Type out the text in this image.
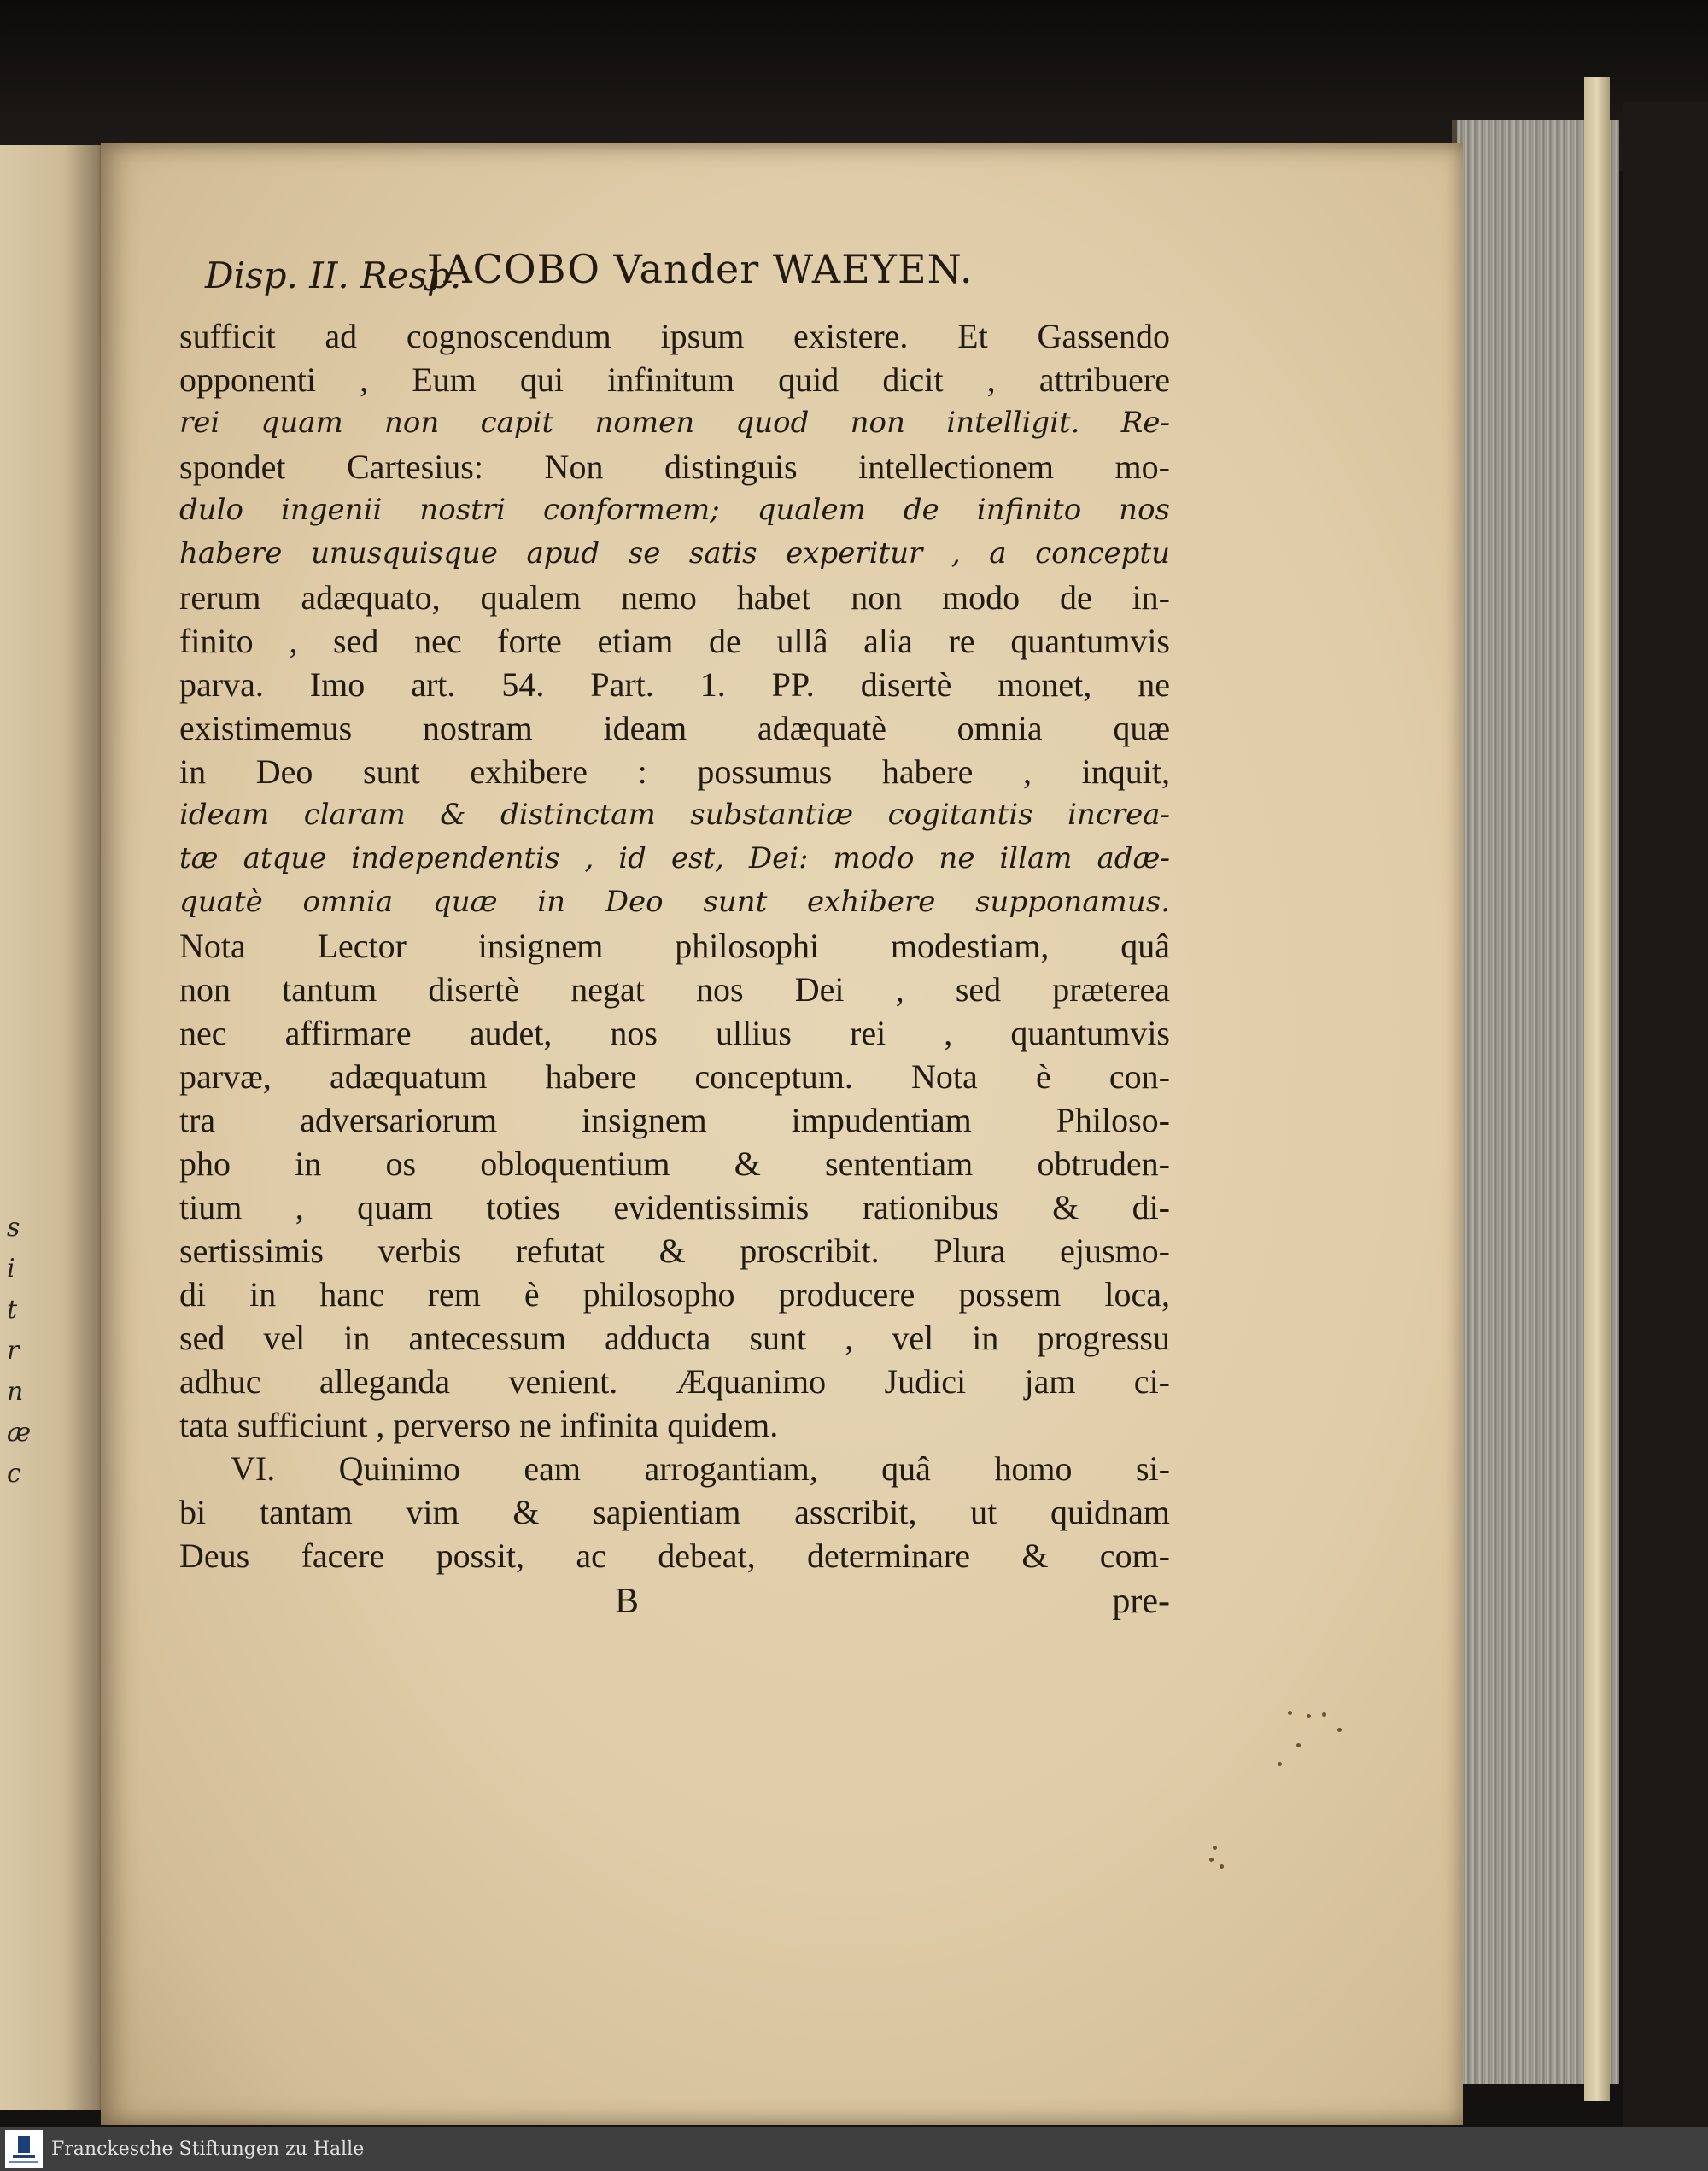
s
i
t
r
n
æ
c
Disp. II. Resp.
JACOBO Vander WAEYEN.
sufficit ad cognoscendum ipsum existere. Et Gassendo
opponenti , Eum qui infinitum quid dicit , attribuere
rei quam non capit nomen quod non intelligit. Re-
spondet Cartesius: Non distinguis intellectionem mo-
dulo ingenii nostri conformem; qualem de infinito nos
habere unusquisque apud se satis experitur , a conceptu
rerum adæquato, qualem nemo habet non modo de in-
finito , sed nec forte etiam de ullâ alia re quantumvis
parva. Imo art. 54. Part. 1. PP. disertè monet, ne
existimemus nostram ideam adæquatè omnia quæ
in Deo sunt exhibere : possumus habere , inquit,
ideam claram & distinctam substantiæ cogitantis increa-
tæ atque independentis , id est, Dei: modo ne illam adæ-
quatè omnia quæ in Deo sunt exhibere supponamus.
Nota Lector insignem philosophi modestiam, quâ
non tantum disertè negat nos Dei , sed præterea
nec affirmare audet, nos ullius rei , quantumvis
parvæ, adæquatum habere conceptum. Nota è con-
tra adversariorum insignem impudentiam Philoso-
pho in os obloquentium & sententiam obtruden-
tium , quam toties evidentissimis rationibus & di-
sertissimis verbis refutat & proscribit. Plura ejusmo-
di in hanc rem è philosopho producere possem loca,
sed vel in antecessum adducta sunt , vel in progressu
adhuc alleganda venient. Æquanimo Judici jam ci-
tata sufficiunt , perverso ne infinita quidem.
VI. Quinimo eam arrogantiam, quâ homo si-
bi tantam vim & sapientiam asscribit, ut quidnam
Deus facere possit, ac debeat, determinare & com-
B	pre-
Franckesche Stiftungen zu Halle
